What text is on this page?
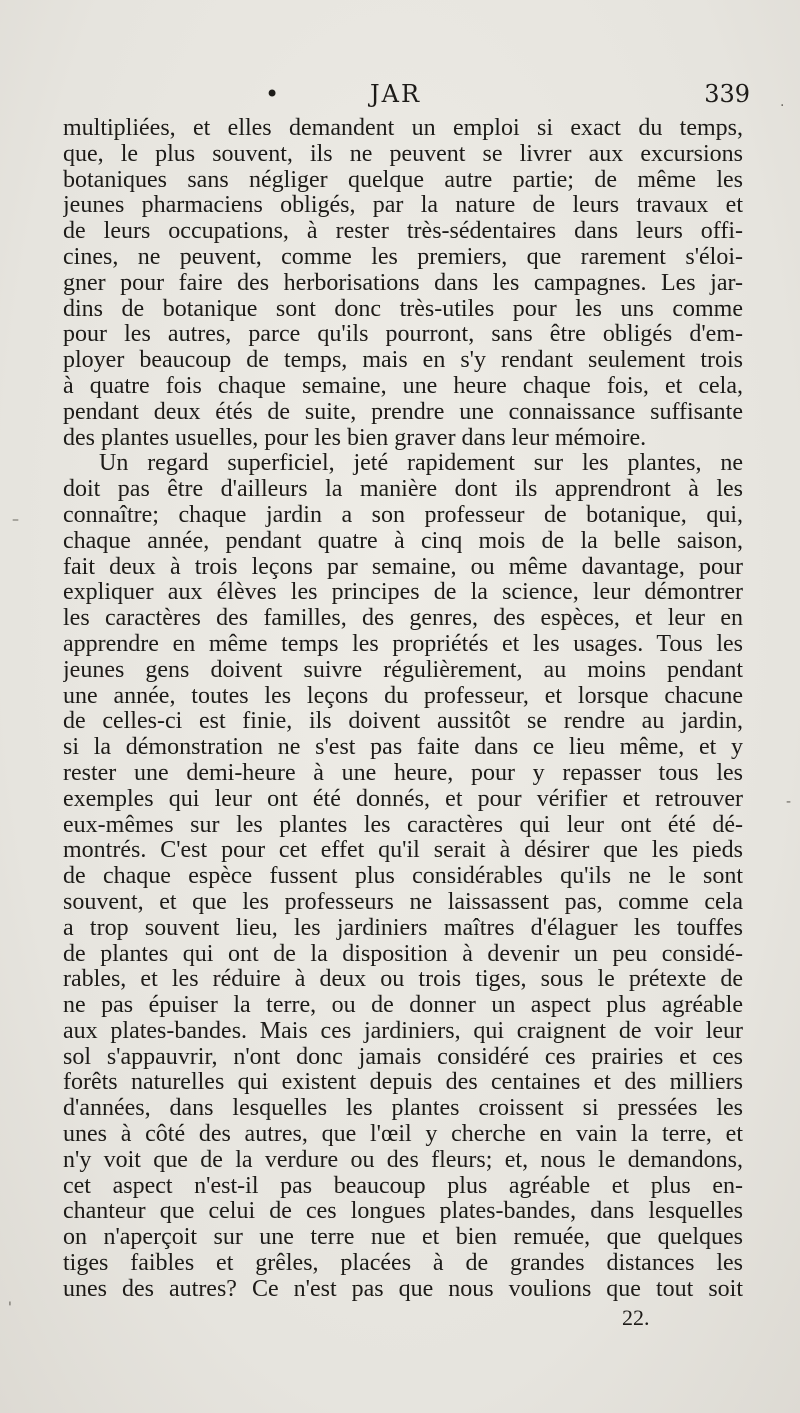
•	JAR	339
multipliées, et elles demandent un emploi si exact du temps,
que, le plus souvent, ils ne peuvent se livrer aux excursions
botaniques sans négliger quelque autre partie; de même les
jeunes pharmaciens obligés, par la nature de leurs travaux et
de leurs occupations, à rester très-sédentaires dans leurs offi-
cines, ne peuvent, comme les premiers, que rarement s'éloi-
gner pour faire des herborisations dans les campagnes. Les jar-
dins de botanique sont donc très-utiles pour les uns comme
pour les autres, parce qu'ils pourront, sans être obligés d'em-
ployer beaucoup de temps, mais en s'y rendant seulement trois
à quatre fois chaque semaine, une heure chaque fois, et cela,
pendant deux étés de suite, prendre une connaissance suffisante
des plantes usuelles, pour les bien graver dans leur mémoire.
Un regard superficiel, jeté rapidement sur les plantes, ne
doit pas être d'ailleurs la manière dont ils apprendront à les
connaître; chaque jardin a son professeur de botanique, qui,
chaque année, pendant quatre à cinq mois de la belle saison,
fait deux à trois leçons par semaine, ou même davantage, pour
expliquer aux élèves les principes de la science, leur démontrer
les caractères des familles, des genres, des espèces, et leur en
apprendre en même temps les propriétés et les usages. Tous les
jeunes gens doivent suivre régulièrement, au moins pendant
une année, toutes les leçons du professeur, et lorsque chacune
de celles-ci est finie, ils doivent aussitôt se rendre au jardin,
si la démonstration ne s'est pas faite dans ce lieu même, et y
rester une demi-heure à une heure, pour y repasser tous les
exemples qui leur ont été donnés, et pour vérifier et retrouver
eux-mêmes sur les plantes les caractères qui leur ont été dé-
montrés. C'est pour cet effet qu'il serait à désirer que les pieds
de chaque espèce fussent plus considérables qu'ils ne le sont
souvent, et que les professeurs ne laissassent pas, comme cela
a trop souvent lieu, les jardiniers maîtres d'élaguer les touffes
de plantes qui ont de la disposition à devenir un peu considé-
rables, et les réduire à deux ou trois tiges, sous le prétexte de
ne pas épuiser la terre, ou de donner un aspect plus agréable
aux plates-bandes. Mais ces jardiniers, qui craignent de voir leur
sol s'appauvrir, n'ont donc jamais considéré ces prairies et ces
forêts naturelles qui existent depuis des centaines et des milliers
d'années, dans lesquelles les plantes croissent si pressées les
unes à côté des autres, que l'œil y cherche en vain la terre, et
n'y voit que de la verdure ou des fleurs; et, nous le demandons,
cet aspect n'est-il pas beaucoup plus agréable et plus en-
chanteur que celui de ces longues plates-bandes, dans lesquelles
on n'aperçoit sur une terre nue et bien remuée, que quelques
tiges faibles et grêles, placées à de grandes distances les
unes des autres? Ce n'est pas que nous voulions que tout soit
22.
–
-
'
·
